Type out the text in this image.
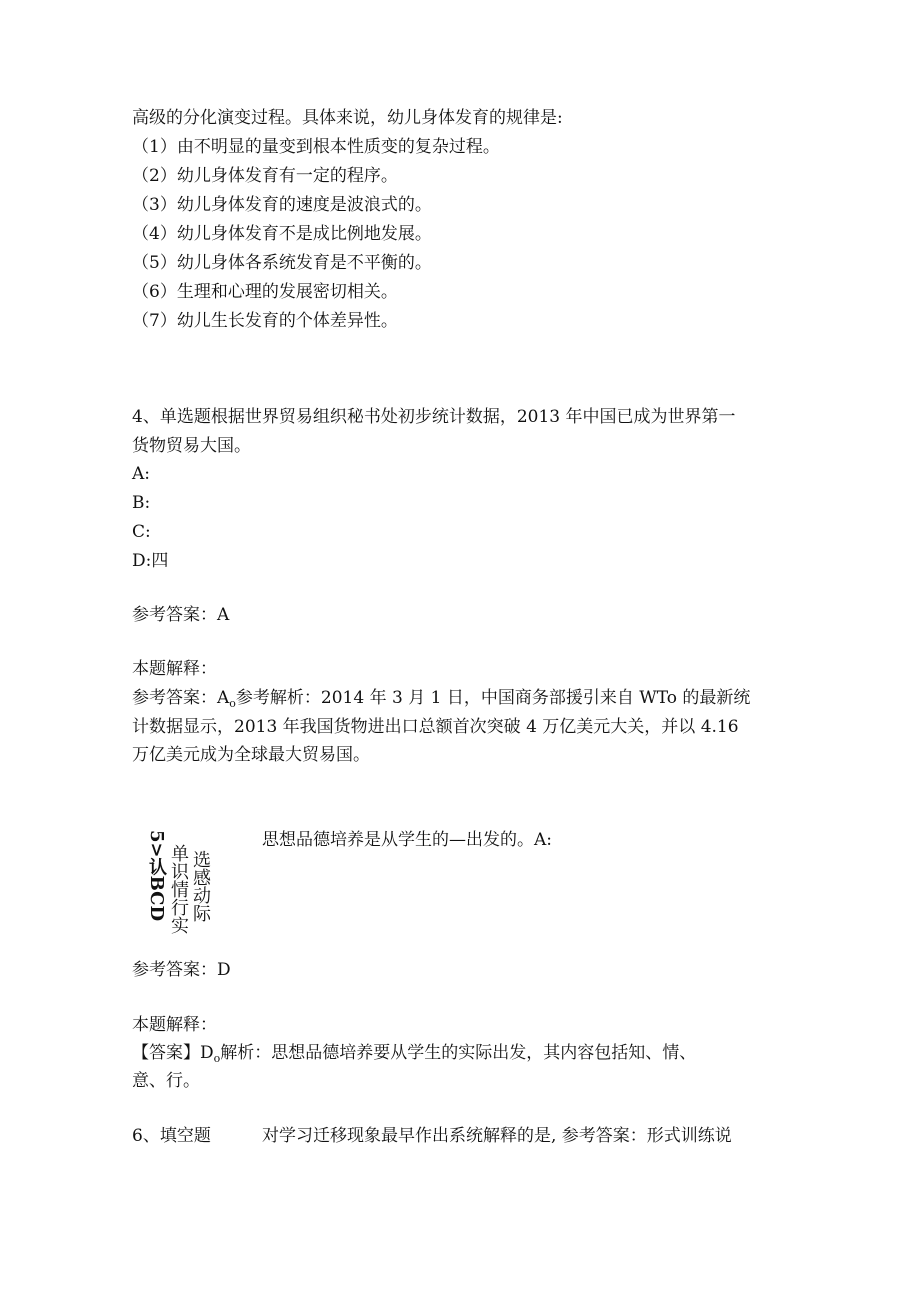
高级的分化演变过程。具体来说，幼儿身体发育的规律是:
（1）由不明显的量变到根本性质变的复杂过程。
（2）幼儿身体发育有一定的程序。
（3）幼儿身体发育的速度是波浪式的。
（4）幼儿身体发育不是成比例地发展。
（5）幼儿身体各系统发育是不平衡的。
（6）生理和心理的发展密切相关。
（7）幼儿生长发育的个体差异性。
4、单选题根据世界贸易组织秘书处初步统计数据，2013 年中国已成为世界第一
货物贸易大国。
A:
B:
C:
D:四
参考答案：A
本题解释：
参考答案：$A_o$参考解析：2014 年 3 月 1 日，中国商务部援引来自 WTo 的最新统
计数据显示，2013 年我国货物进出口总额首次突破 4 万亿美元大关，并以 4.16
万亿美元成为全球最大贸易国。
5>认BCD 单识情行实 选感动际
思想品德培养是从学生的—出发的。A:
参考答案：D
本题解释：
【答案】$D_o$解析：思想品德培养要从学生的实际出发，其内容包括知、情、
意、行。
6、填空题	对学习迁移现象最早作出系统解释的是, 参考答案：形式训练说
